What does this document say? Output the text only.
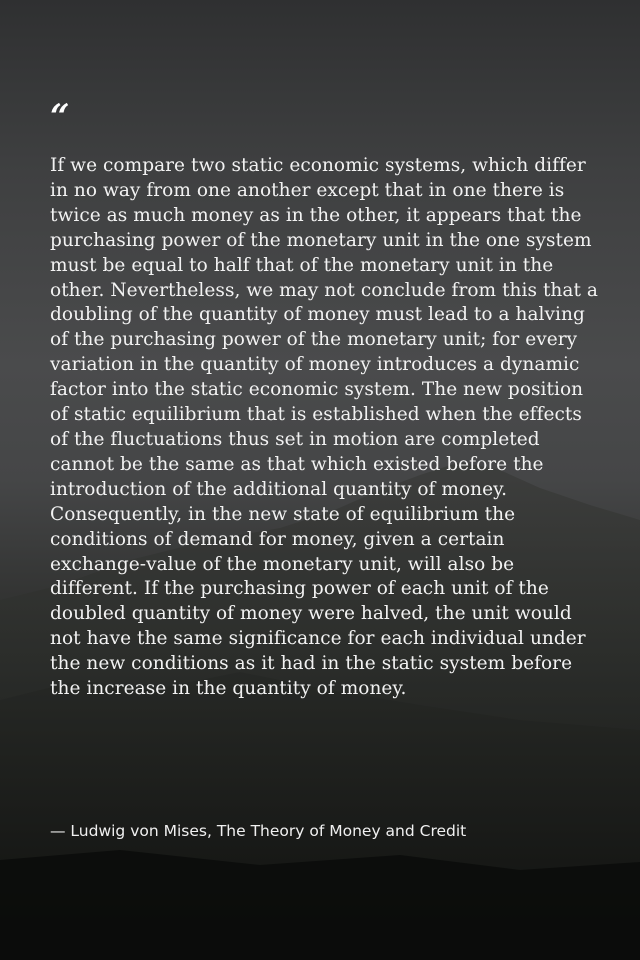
“

If we compare two static economic systems, which differ in no way from one another except that in one there is twice as much money as in the other, it appears that the purchasing power of the monetary unit in the one system must be equal to half that of the monetary unit in the other. Nevertheless, we may not conclude from this that a doubling of the quantity of money must lead to a halving of the purchasing power of the monetary unit; for every variation in the quantity of money introduces a dynamic factor into the static economic system. The new position of static equilibrium that is established when the effects of the fluctuations thus set in motion are completed cannot be the same as that which existed before the introduction of the additional quantity of money. Consequently, in the new state of equilibrium the conditions of demand for money, given a certain exchange-value of the monetary unit, will also be different. If the purchasing power of each unit of the doubled quantity of money were halved, the unit would not have the same significance for each individual under the new conditions as it had in the static system before the increase in the quantity of money.

— Ludwig von Mises, The Theory of Money and Credit
